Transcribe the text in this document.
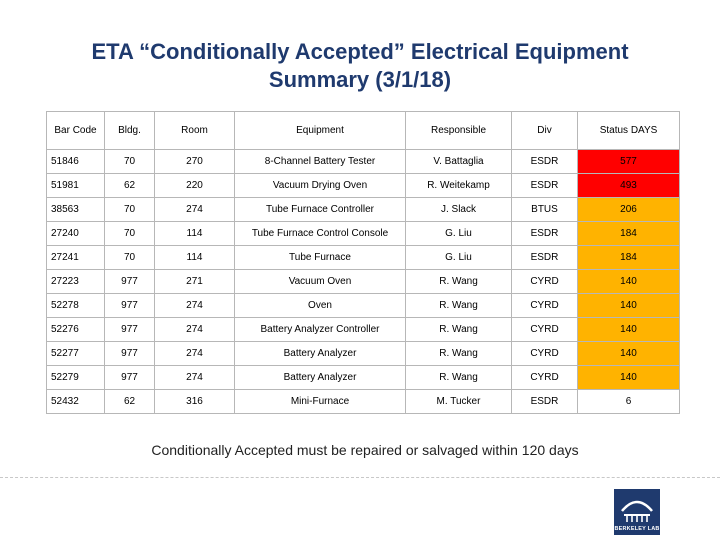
ETA “Conditionally Accepted” Electrical Equipment Summary (3/1/18)
Bar Code	Bldg.	Room	Equipment	Responsible	Div	Status DAYS
51846	70	270	8-Channel Battery Tester	V. Battaglia	ESDR	577
51981	62	220	Vacuum Drying Oven	R. Weitekamp	ESDR	493
38563	70	274	Tube Furnace Controller	J. Slack	BTUS	206
27240	70	114	Tube Furnace Control Console	G. Liu	ESDR	184
27241	70	114	Tube Furnace	G. Liu	ESDR	184
27223	977	271	Vacuum Oven	R. Wang	CYRD	140
52278	977	274	Oven	R. Wang	CYRD	140
52276	977	274	Battery Analyzer Controller	R. Wang	CYRD	140
52277	977	274	Battery Analyzer	R. Wang	CYRD	140
52279	977	274	Battery Analyzer	R. Wang	CYRD	140
52432	62	316	Mini-Furnace	M. Tucker	ESDR	6
Conditionally Accepted must be repaired or salvaged within 120 days
BERKELEY LAB
